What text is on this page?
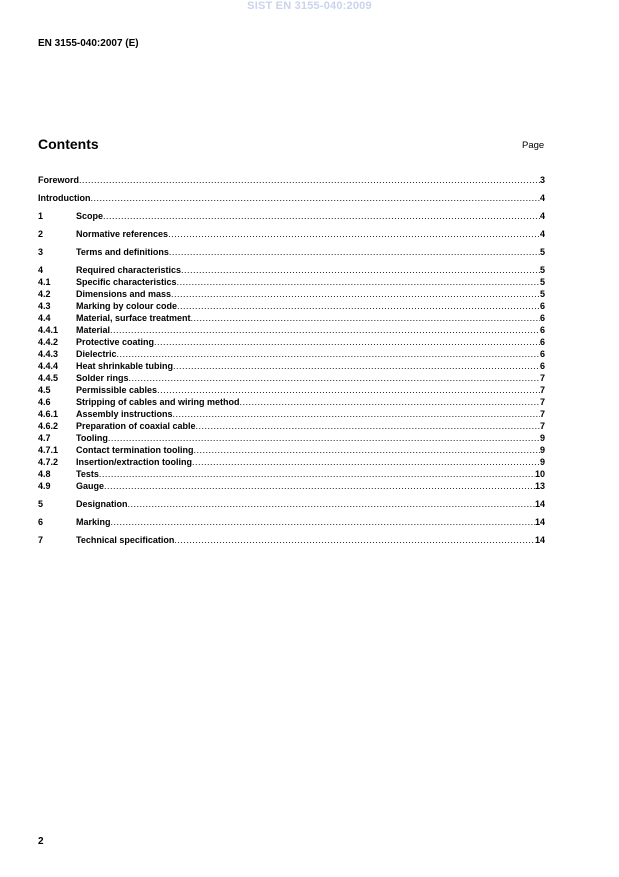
SIST EN 3155-040:2009
EN 3155-040:2007 (E)
Contents	Page
Foreword .....	3
Introduction .....	4
1	Scope .....	4
2	Normative references .....	4
3	Terms and definitions .....	5
4	Required characteristics .....	5
4.1	Specific characteristics .....	5
4.2	Dimensions and mass .....	5
4.3	Marking by colour code .....	6
4.4	Material, surface treatment .....	6
4.4.1 Material .....	6
4.4.2 Protective coating .....	6
4.4.3 Dielectric .....	6
4.4.4 Heat shrinkable tubing .....	6
4.4.5 Solder rings .....	7
4.5	Permissible cables .....	7
4.6	Stripping of cables and wiring method .....	7
4.6.1 Assembly instructions .....	7
4.6.2 Preparation of coaxial cable .....	7
4.7	Tooling .....	9
4.7.1 Contact termination tooling .....	9
4.7.2 Insertion/extraction tooling .....	9
4.8	Tests .....	10
4.9	Gauge .....	13
5	Designation .....	14
6	Marking .....	14
7	Technical specification .....	14
2
